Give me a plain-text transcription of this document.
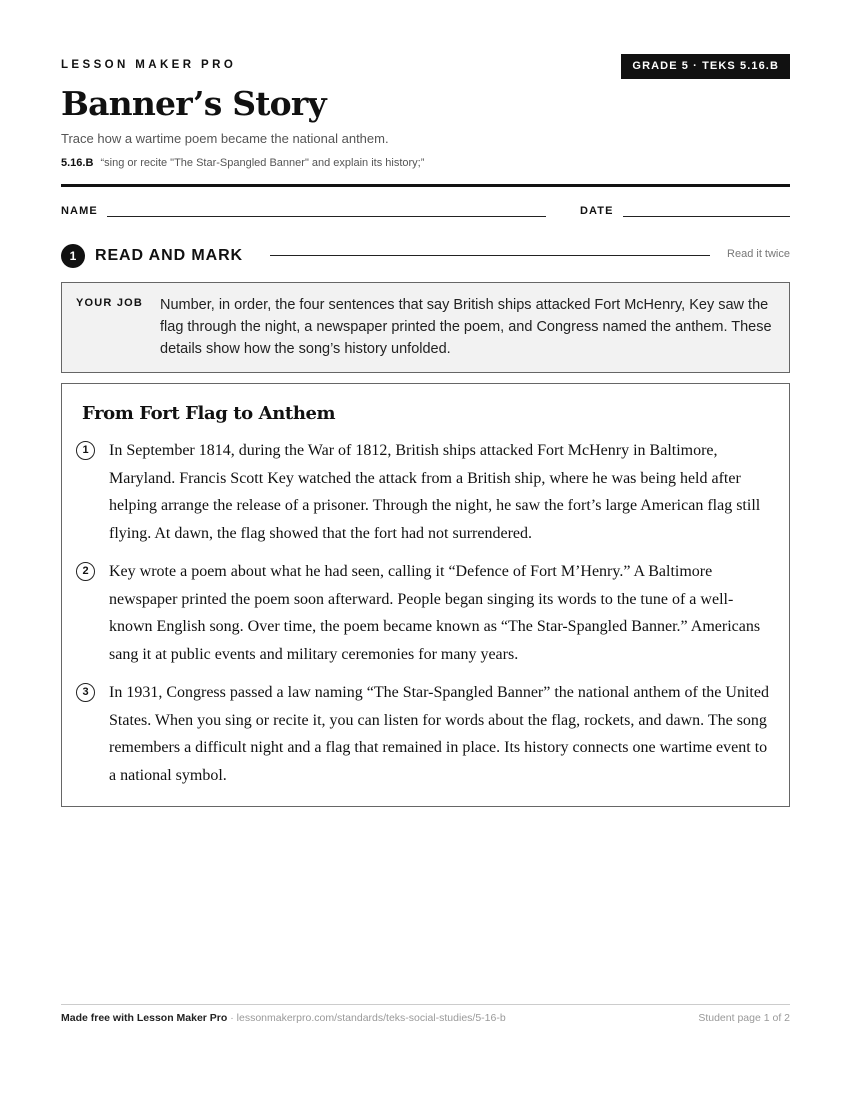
LESSON MAKER PRO	GRADE 5 · TEKS 5.16.B
Banner’s Story
Trace how a wartime poem became the national anthem.
5.16.B “sing or recite "The Star-Spangled Banner" and explain its history;”
NAME	DATE
1	READ AND MARK	Read it twice
YOUR JOB Number, in order, the four sentences that say British ships attacked Fort McHenry, Key saw the flag through the night, a newspaper printed the poem, and Congress named the anthem. These details show how the song’s history unfolded.
From Fort Flag to Anthem
1	In September 1814, during the War of 1812, British ships attacked Fort McHenry in Baltimore, Maryland. Francis Scott Key watched the attack from a British ship, where he was being held after helping arrange the release of a prisoner. Through the night, he saw the fort’s large American flag still flying. At dawn, the flag showed that the fort had not surrendered.

2	Key wrote a poem about what he had seen, calling it “Defence of Fort M’Henry.” A Baltimore newspaper printed the poem soon afterward. People began singing its words to the tune of a well-known English song. Over time, the poem became known as “The Star-Spangled Banner.” Americans sang it at public events and military ceremonies for many years.

3	In 1931, Congress passed a law naming “The Star-Spangled Banner” the national anthem of the United States. When you sing or recite it, you can listen for words about the flag, rockets, and dawn. The song remembers a difficult night and a flag that remained in place. Its history connects one wartime event to a national symbol.

Made free with Lesson Maker Pro · lessonmakerpro.com/standards/teks-social-studies/5-16-b	Student page 1 of 2
